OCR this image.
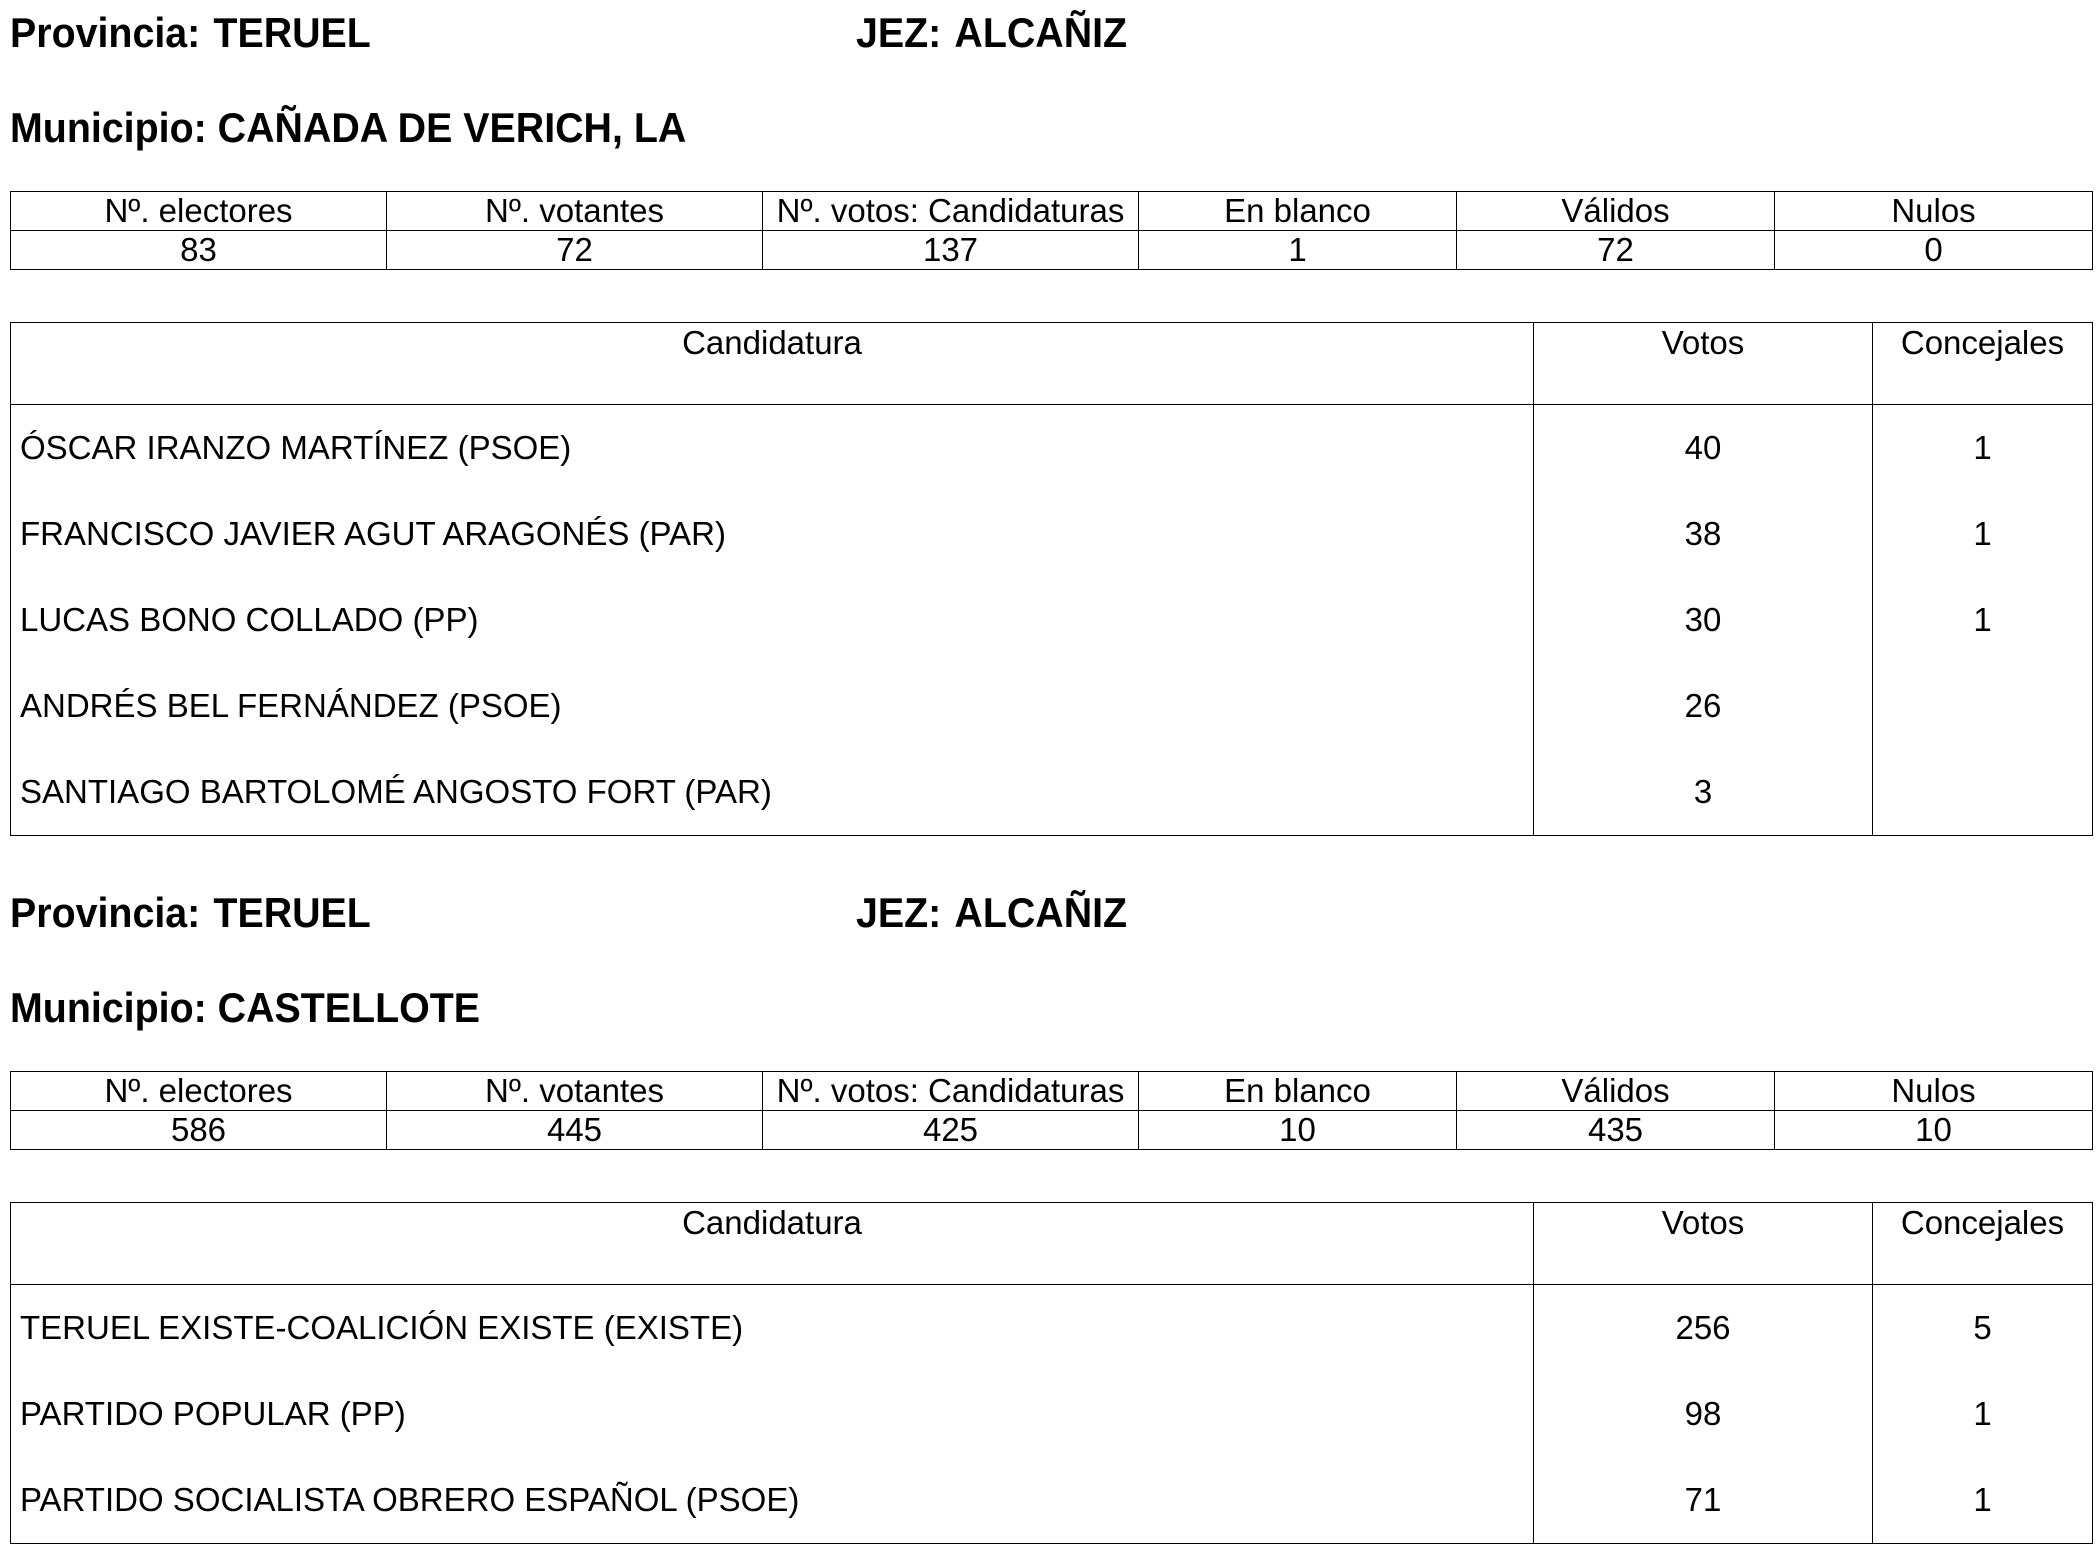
Provincia: TERUEL	JEZ: ALCAÑIZ
Municipio: CAÑADA DE VERICH, LA
Nº. electores	Nº. votantes	Nº. votos: Candidaturas	En blanco	Válidos	Nulos
83	72	137	1	72	0
Candidatura	Votos	Concejales
ÓSCAR IRANZO MARTÍNEZ (PSOE)	40	1
FRANCISCO JAVIER AGUT ARAGONÉS (PAR)	38	1
LUCAS BONO COLLADO (PP)	30	1
ANDRÉS BEL FERNÁNDEZ (PSOE)	26	
SANTIAGO BARTOLOMÉ ANGOSTO FORT (PAR)	3	
Provincia: TERUEL	JEZ: ALCAÑIZ
Municipio: CASTELLOTE
Nº. electores	Nº. votantes	Nº. votos: Candidaturas	En blanco	Válidos	Nulos
586	445	425	10	435	10
Candidatura	Votos	Concejales
TERUEL EXISTE-COALICIÓN EXISTE (EXISTE)	256	5
PARTIDO POPULAR (PP)	98	1
PARTIDO SOCIALISTA OBRERO ESPAÑOL (PSOE)	71	1
